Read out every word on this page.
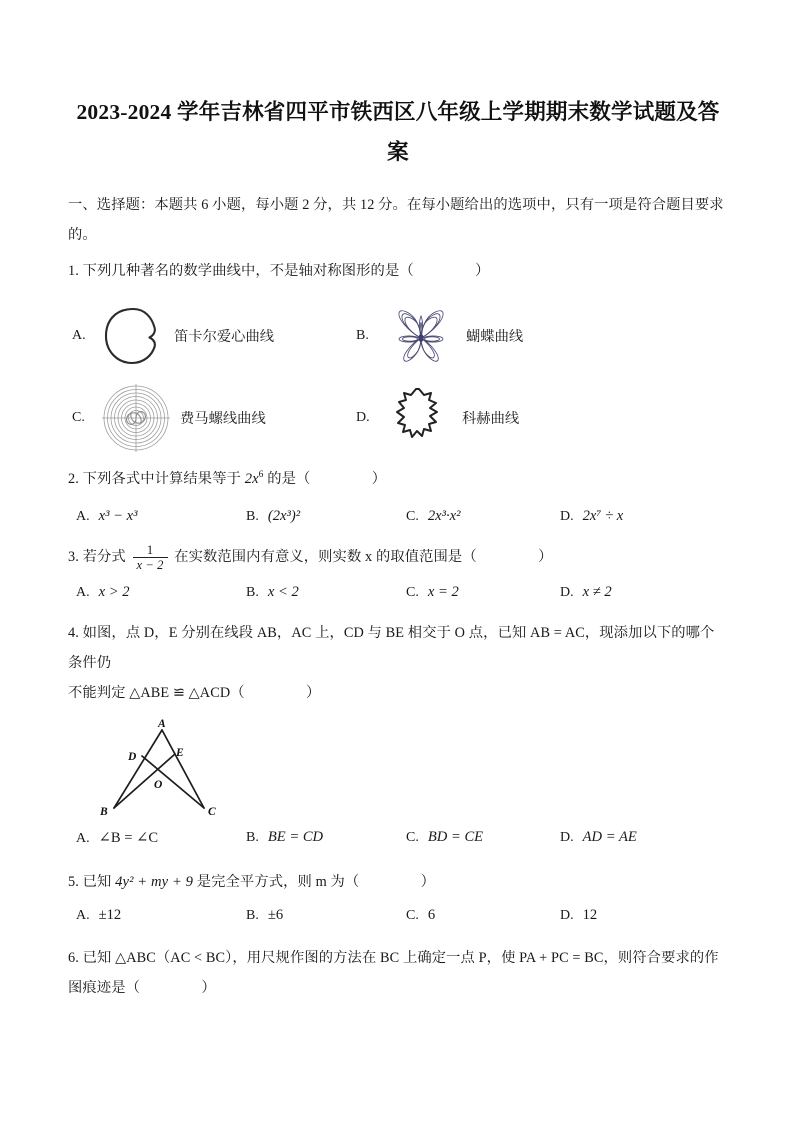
2023-2024 学年吉林省四平市铁西区八年级上学期期末数学试题及答案
一、选择题：本题共 6 小题，每小题 2 分，共 12 分。在每小题给出的选项中，只有一项是符合题目要求的。
1. 下列几种著名的数学曲线中，不是轴对称图形的是（	）
A.	笛卡尔爱心曲线	B.	蝴蝶曲线
C.	费马螺线曲线	D.	科赫曲线
2. 下列各式中计算结果等于 $2x^6$ 的是（	）
A. x³ − x³	B. (2x³)²	C. 2x³·x²	D. 2x⁷ ÷ x
3. 若分式 $\frac{1}{x - 2}$ 在实数范围内有意义，则实数 x 的取值范围是（	）
A. x > 2	B. x < 2	C. x = 2	D. x ≠ 2
4. 如图，点 D，E 分别在线段 AB，AC 上，CD 与 BE 相交于 O 点，已知 AB = AC，现添加以下的哪个条件仍
不能判定 △ABE ≌ △ACD（	）
A
D	E
O
B	C
A. ∠B = ∠C	B. BE = CD	C. BD = CE	D. AD = AE
5. 已知 4y² + my + 9 是完全平方式，则 m 为（	）
A. ±12	B. ±6	C. 6	D. 12
6. 已知 △ABC（AC < BC），用尺规作图的方法在 BC 上确定一点 P，使 PA + PC = BC，则符合要求的作
图痕迹是（	）
